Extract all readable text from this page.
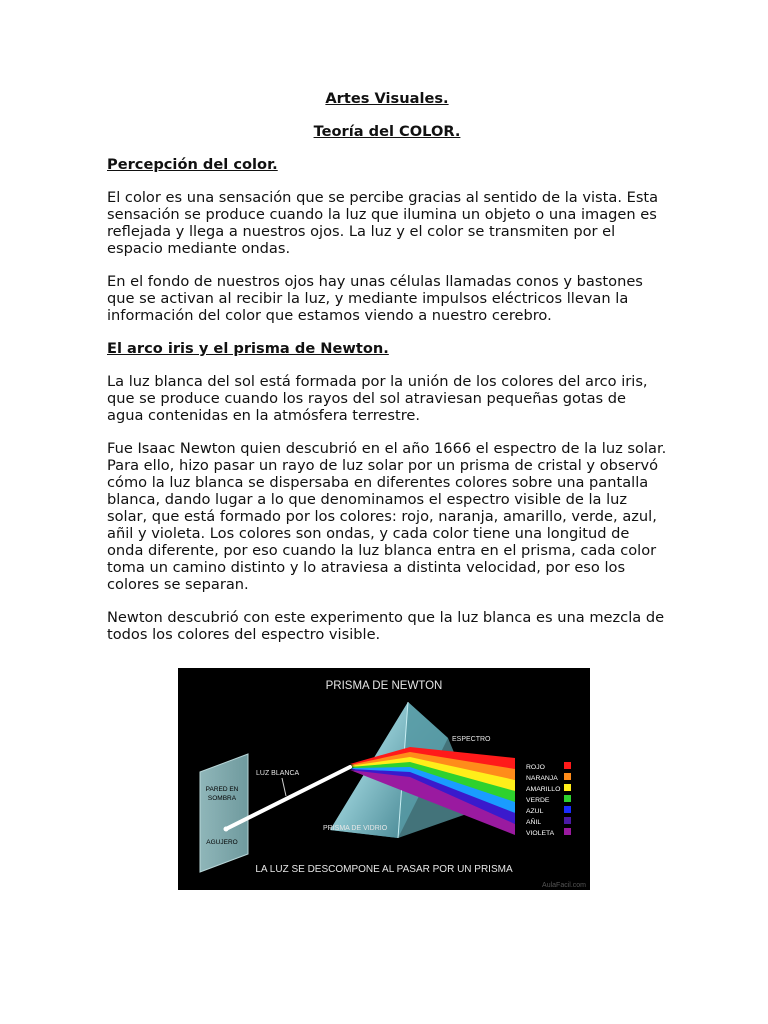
Artes Visuales.
Teoría del COLOR.
Percepción del color.

El color es una sensación que se percibe gracias al sentido de la vista. Esta sensación se produce cuando la luz que ilumina un objeto o una imagen es reflejada y llega a nuestros ojos. La luz y el color se transmiten por el espacio mediante ondas.

En el fondo de nuestros ojos hay unas células llamadas conos y bastones que se activan al recibir la luz, y mediante impulsos eléctricos llevan la información del color que estamos viendo a nuestro cerebro.

El arco iris y el prisma de Newton.

La luz blanca del sol está formada por la unión de los colores del arco iris, que se produce cuando los rayos del sol atraviesan pequeñas gotas de agua contenidas en la atmósfera terrestre.

Fue Isaac Newton quien descubrió en el año 1666 el espectro de la luz solar. Para ello, hizo pasar un rayo de luz solar por un prisma de cristal y observó cómo la luz blanca se dispersaba en diferentes colores sobre una pantalla blanca, dando lugar a lo que denominamos el espectro visible de la luz solar, que está formado por los colores: rojo, naranja, amarillo, verde, azul, añil y violeta. Los colores son ondas, y cada color tiene una longitud de onda diferente, por eso cuando la luz blanca entra en el prisma, cada color toma un camino distinto y lo atraviesa a distinta velocidad, por eso los colores se separan.

Newton descubrió con este experimento que la luz blanca es una mezcla de todos los colores del espectro visible.

PRISMA DE NEWTON
PARED EN
SOMBRA
AGUJERO
LUZ BLANCA
ESPECTRO
PRISMA DE VIDRIO
ROJO
NARANJA
AMARILLO
VERDE
AZUL
AÑIL
VIOLETA
LA LUZ SE DESCOMPONE AL PASAR POR UN PRISMA
AulaFacil.com
